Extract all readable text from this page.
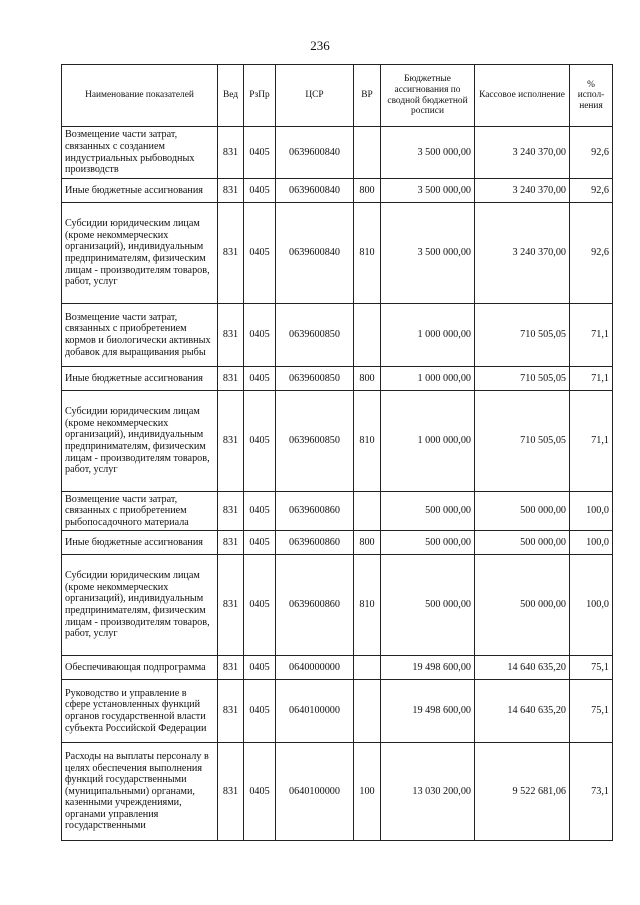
236
Наименование показателей	Вед	РзПр	ЦСР	ВР	Бюджетные ассигнования по сводной бюджетной росписи	Кассовое исполнение	% испол-нения
Возмещение части затрат, связанных с созданием индустриальных рыбоводных производств	831	0405	0639600840		3 500 000,00	3 240 370,00	92,6
Иные бюджетные ассигнования	831	0405	0639600840	800	3 500 000,00	3 240 370,00	92,6
Субсидии юридическим лицам (кроме некоммерческих организаций), индивидуальным предпринимателям, физическим лицам - производителям товаров, работ, услуг	831	0405	0639600840	810	3 500 000,00	3 240 370,00	92,6
Возмещение части затрат, связанных с приобретением кормов и биологически активных добавок для выращивания рыбы	831	0405	0639600850		1 000 000,00	710 505,05	71,1
Иные бюджетные ассигнования	831	0405	0639600850	800	1 000 000,00	710 505,05	71,1
Субсидии юридическим лицам (кроме некоммерческих организаций), индивидуальным предпринимателям, физическим лицам - производителям товаров, работ, услуг	831	0405	0639600850	810	1 000 000,00	710 505,05	71,1
Возмещение части затрат, связанных с приобретением рыбопосадочного материала	831	0405	0639600860		500 000,00	500 000,00	100,0
Иные бюджетные ассигнования	831	0405	0639600860	800	500 000,00	500 000,00	100,0
Субсидии юридическим лицам (кроме некоммерческих организаций), индивидуальным предпринимателям, физическим лицам - производителям товаров, работ, услуг	831	0405	0639600860	810	500 000,00	500 000,00	100,0
Обеспечивающая подпрограмма	831	0405	0640000000		19 498 600,00	14 640 635,20	75,1
Руководство и управление в сфере установленных функций органов государственной власти субъекта Российской Федерации	831	0405	0640100000		19 498 600,00	14 640 635,20	75,1
Расходы на выплаты персоналу в целях обеспечения выполнения функций государственными (муниципальными) органами, казенными учреждениями, органами управления государственными	831	0405	0640100000	100	13 030 200,00	9 522 681,06	73,1
